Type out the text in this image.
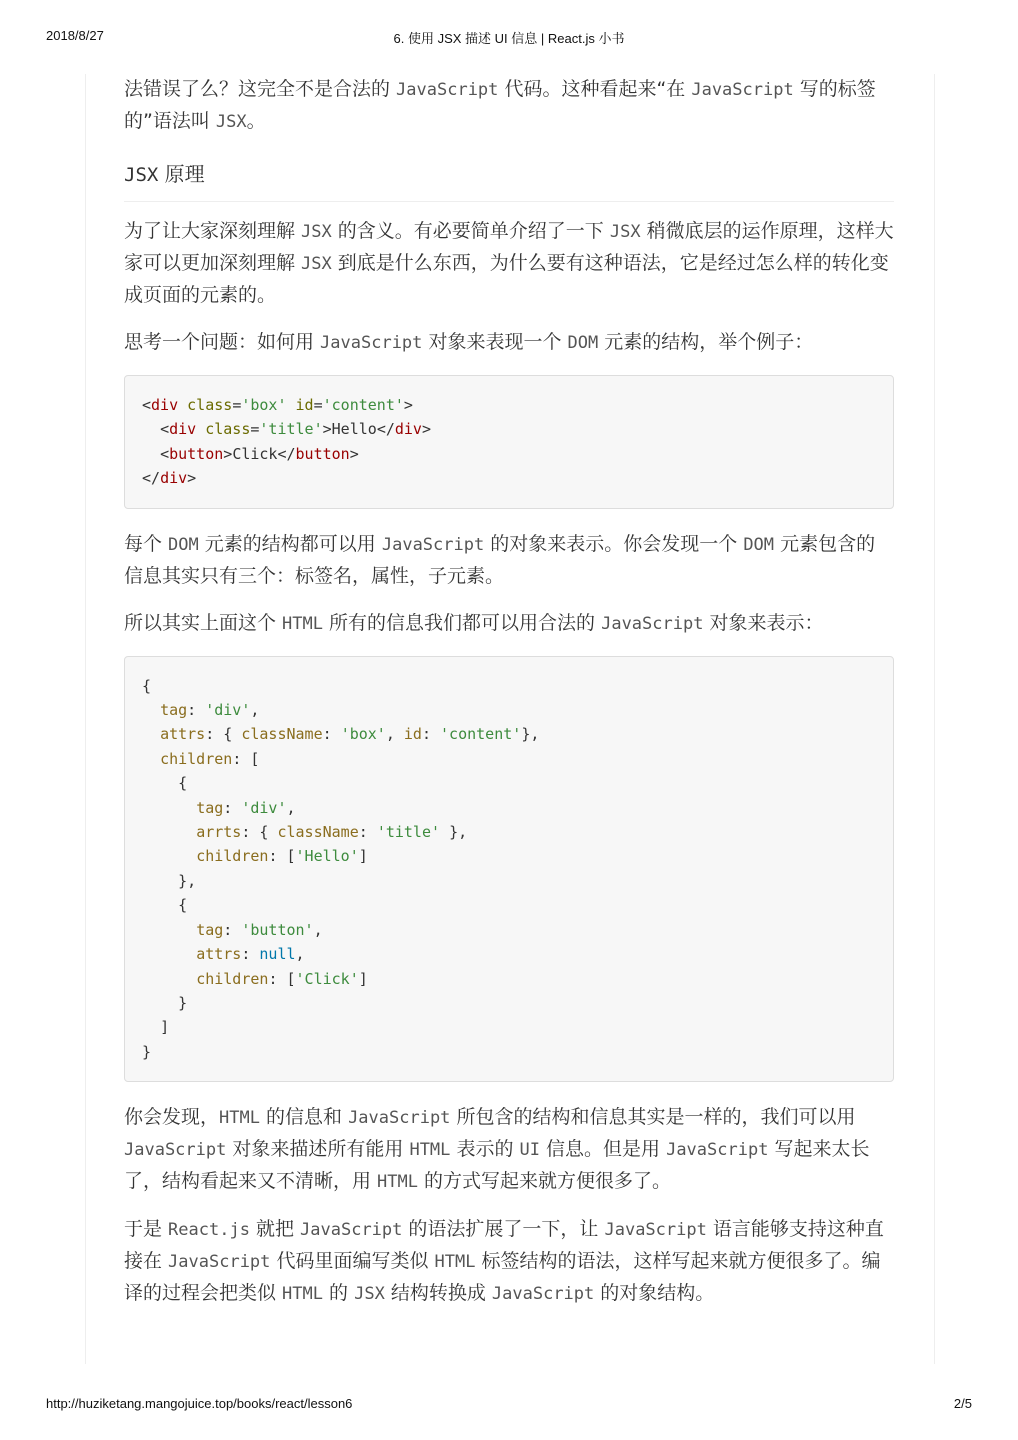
2018/8/27	6. 使用 JSX 描述 UI 信息 | React.js 小书

法错误了么？这完全不是合法的 JavaScript 代码。这种看起来“在 JavaScript 写的标签的”语法叫 JSX。

JSX 原理

为了让大家深刻理解 JSX 的含义。有必要简单介绍了一下 JSX 稍微底层的运作原理，这样大家可以更加深刻理解 JSX 到底是什么东西，为什么要有这种语法，它是经过怎么样的转化变成页面的元素的。

思考一个问题：如何用 JavaScript 对象来表现一个 DOM 元素的结构，举个例子：

<div class='box' id='content'>
<div class='title'>Hello</div>
<button>Click</button>
</div>

每个 DOM 元素的结构都可以用 JavaScript 的对象来表示。你会发现一个 DOM 元素包含的信息其实只有三个：标签名，属性，子元素。

所以其实上面这个 HTML 所有的信息我们都可以用合法的 JavaScript 对象来表示：

{
tag: 'div',
attrs: { className: 'box', id: 'content'},
children: [
{
tag: 'div',
arrts: { className: 'title' },
children: ['Hello']
},
{
tag: 'button',
attrs: null,
children: ['Click']
}
]
}

你会发现，HTML 的信息和 JavaScript 所包含的结构和信息其实是一样的，我们可以用 JavaScript 对象来描述所有能用 HTML 表示的 UI 信息。但是用 JavaScript 写起来太长了，结构看起来又不清晰，用 HTML 的方式写起来就方便很多了。

于是 React.js 就把 JavaScript 的语法扩展了一下，让 JavaScript 语言能够支持这种直接在 JavaScript 代码里面编写类似 HTML 标签结构的语法，这样写起来就方便很多了。编译的过程会把类似 HTML 的 JSX 结构转换成 JavaScript 的对象结构。

http://huziketang.mangojuice.top/books/react/lesson6	2/5
